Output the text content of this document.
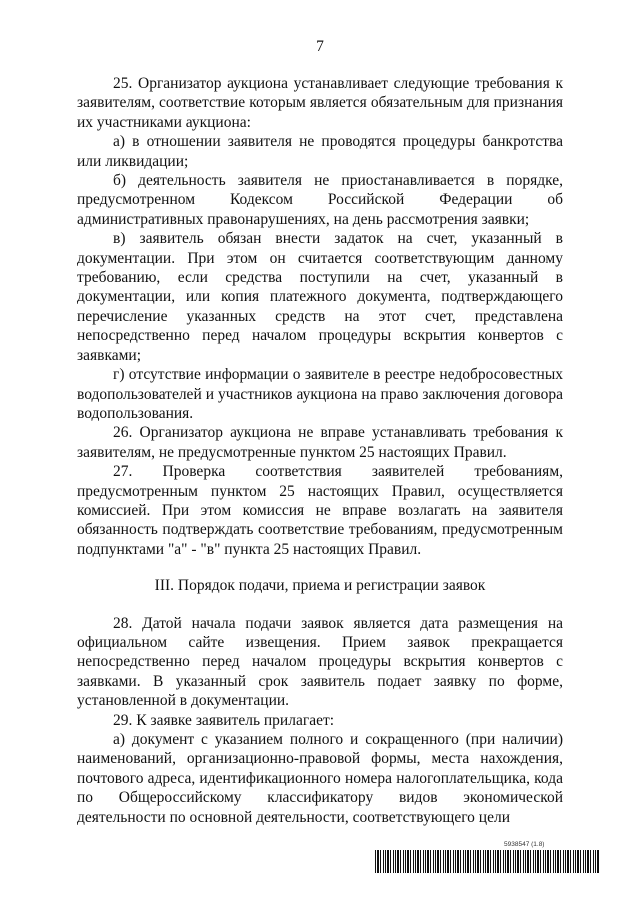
7

25. Организатор аукциона устанавливает следующие требования к заявителям, соответствие которым является обязательным для признания их участниками аукциона:

а) в отношении заявителя не проводятся процедуры банкротства или ликвидации;

б) деятельность заявителя не приостанавливается в порядке, предусмотренном Кодексом Российской Федерации об административных правонарушениях, на день рассмотрения заявки;

в) заявитель обязан внести задаток на счет, указанный в документации. При этом он считается соответствующим данному требованию, если средства поступили на счет, указанный в документации, или копия платежного документа, подтверждающего перечисление указанных средств на этот счет, представлена непосредственно перед началом процедуры вскрытия конвертов с заявками;

г) отсутствие информации о заявителе в реестре недобросовестных водопользователей и участников аукциона на право заключения договора водопользования.

26. Организатор аукциона не вправе устанавливать требования к заявителям, не предусмотренные пунктом 25 настоящих Правил.

27. Проверка соответствия заявителей требованиям, предусмотренным пунктом 25 настоящих Правил, осуществляется комиссией. При этом комиссия не вправе возлагать на заявителя обязанность подтверждать соответствие требованиям, предусмотренным подпунктами "а" - "в" пункта 25 настоящих Правил.

III. Порядок подачи, приема и регистрации заявок

28. Датой начала подачи заявок является дата размещения на официальном сайте извещения. Прием заявок прекращается непосредственно перед началом процедуры вскрытия конвертов с заявками. В указанный срок заявитель подает заявку по форме, установленной в документации.

29. К заявке заявитель прилагает:

а) документ с указанием полного и сокращенного (при наличии) наименований, организационно-правовой формы, места нахождения, почтового адреса, идентификационного номера налогоплательщика, кода по Общероссийскому классификатору видов экономической деятельности по основной деятельности, соответствующего цели

5938547 (1.8)
